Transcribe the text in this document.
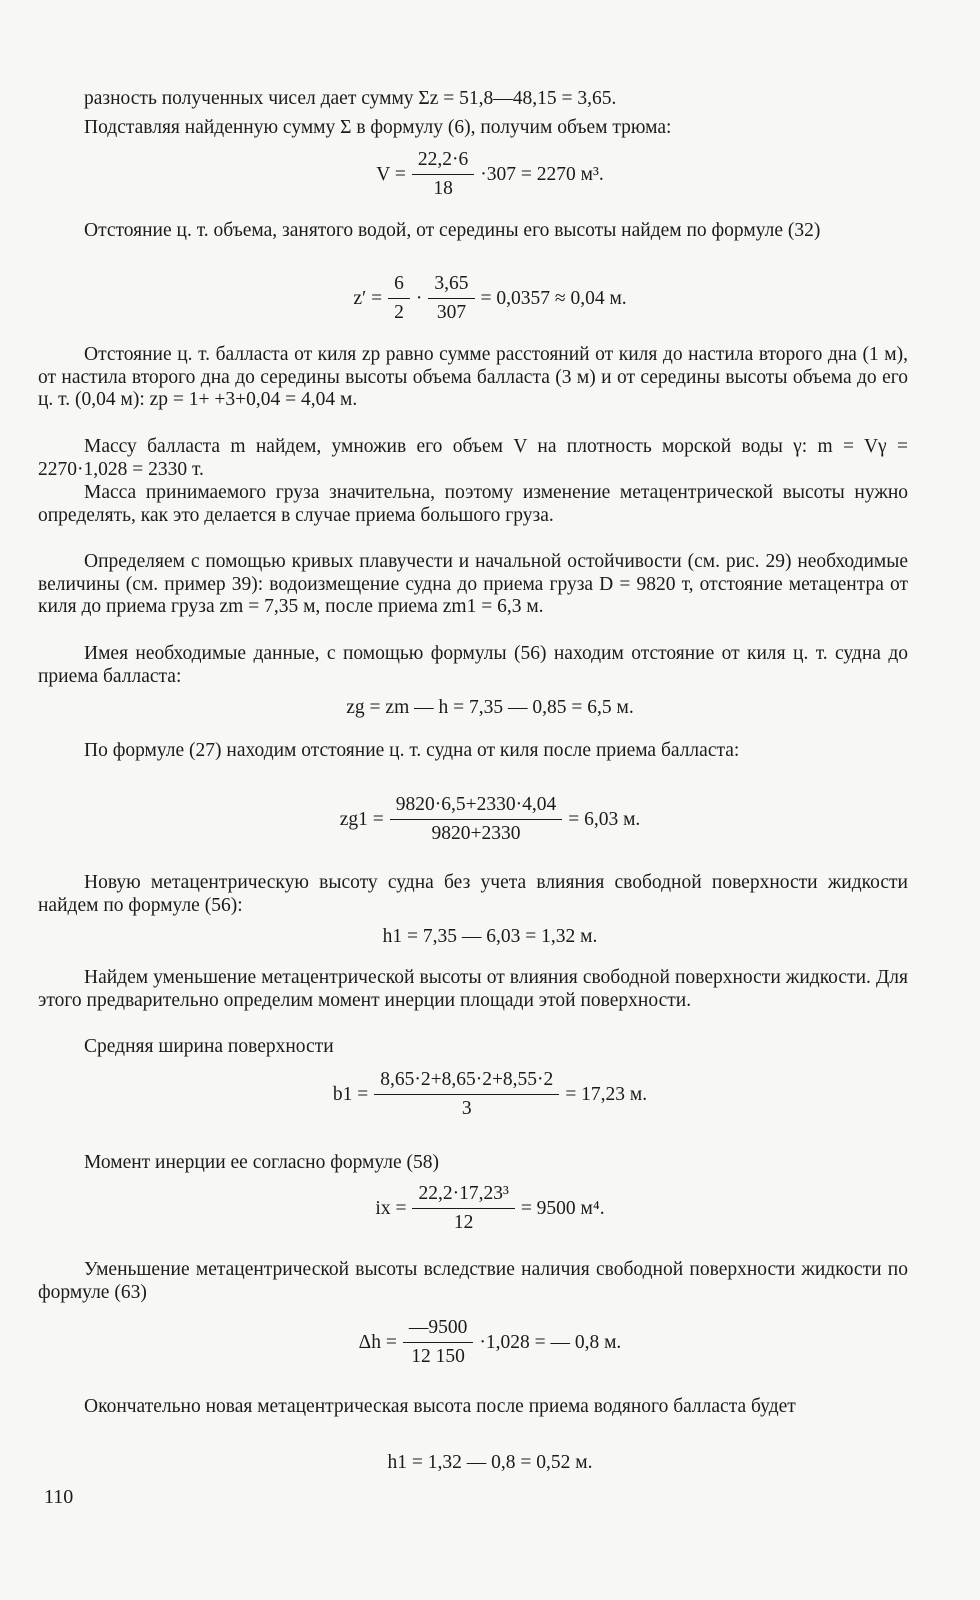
разность полученных чисел дает сумму Σz = 51,8—48,15 = 3,65.
Подставляя найденную сумму Σ в формулу (6), получим объем трюма:
$V = \frac{22,2\cdot 6}{18} \cdot 307 = 2270$ м³.
Отстояние ц. т. объема, занятого водой, от середины его высоты найдем по формуле (32)
$z' = \frac{6}{2} \cdot \frac{3,65}{307} = 0,0357 \approx 0,04$ м.
Отстояние ц. т. балласта от киля zp равно сумме расстояний от киля до настила второго дна (1 м), от настила второго дна до середины высоты объема балласта (3 м) и от середины высоты объема до его ц. т. (0,04 м): zp = 1+ +3+0,04 = 4,04 м.
Массу балласта m найдем, умножив его объем V на плотность морской воды γ: m = Vγ = 2270·1,028 = 2330 т.
Масса принимаемого груза значительна, поэтому изменение метацентрической высоты нужно определять, как это делается в случае приема большого груза.
Определяем с помощью кривых плавучести и начальной остойчивости (см. рис. 29) необходимые величины (см. пример 39): водоизмещение судна до приема груза D = 9820 т, отстояние метацентра от киля до приема груза zm = 7,35 м, после приема zm1 = 6,3 м.
Имея необходимые данные, с помощью формулы (56) находим отстояние от киля ц. т. судна до приема балласта:
zg = zm — h = 7,35 — 0,85 = 6,5 м.
По формуле (27) находим отстояние ц. т. судна от киля после приема балласта:
$zg1 = \frac{9820\cdot 6,5+2330\cdot 4,04}{9820+2330} = 6,03$ м.
Новую метацентрическую высоту судна без учета влияния свободной поверхности жидкости найдем по формуле (56):
h1 = 7,35 — 6,03 = 1,32 м.
Найдем уменьшение метацентрической высоты от влияния свободной поверхности жидкости. Для этого предварительно определим момент инерции площади этой поверхности.
Средняя ширина поверхности
$b1 = \frac{8,65\cdot 2+8,65\cdot 2+8,55\cdot 2}{3} = 17,23$ м.
Момент инерции ее согласно формуле (58)
ix = $\frac{\text{22,2·17,23³}}{12} = 9500$ м⁴.
Уменьшение метацентрической высоты вследствие наличия свободной поверхности жидкости по формуле (63)
$\Delta h = \frac{—9500}{12 150} \cdot 1,028$ = — 0,8 м.
Окончательно новая метацентрическая высота после приема водяного балласта будет
h1 = 1,32 — 0,8 = 0,52 м.
110
